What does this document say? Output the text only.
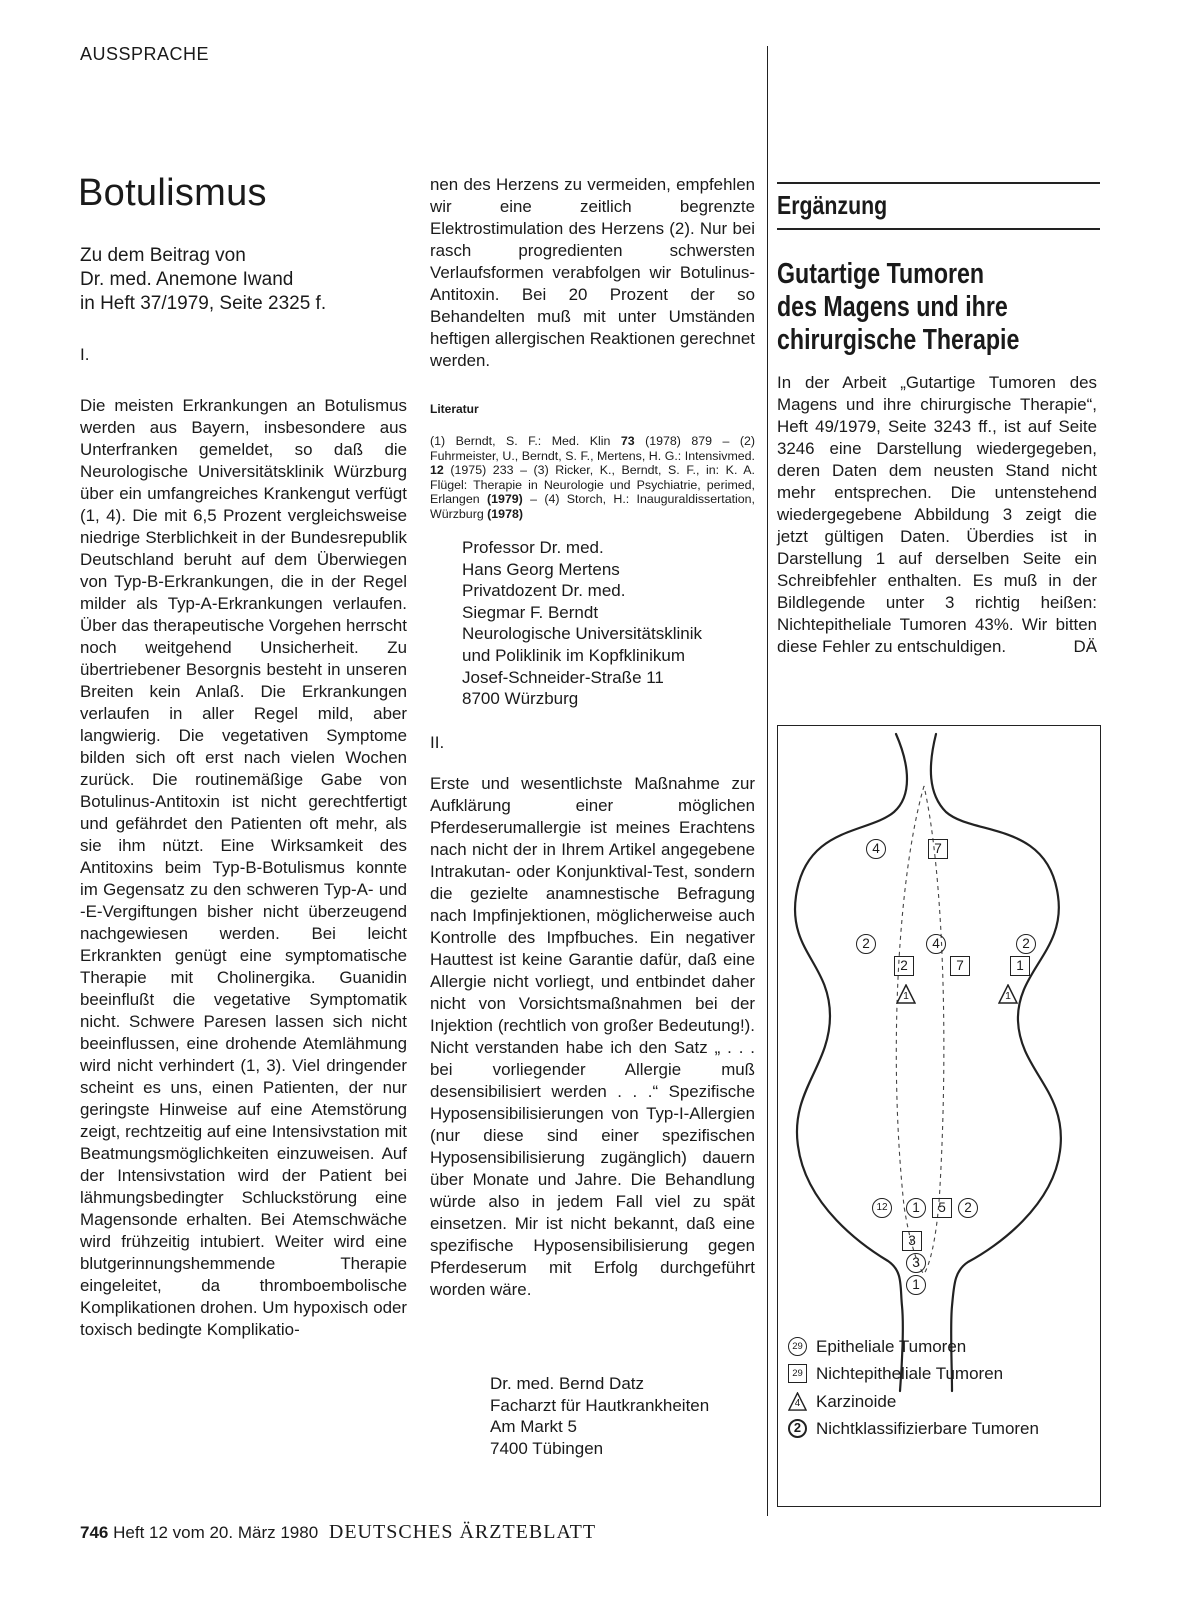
AUSSPRACHE
Botulismus
Zu dem Beitrag von
Dr. med. Anemone Iwand
in Heft 37/1979, Seite 2325 f.
I.

Die meisten Erkrankungen an Botulismus werden aus Bayern, insbesondere aus Unterfranken gemeldet, so daß die Neurologische Universitätsklinik Würzburg über ein umfangreiches Krankengut verfügt (1, 4). Die mit 6,5 Prozent vergleichsweise niedrige Sterblichkeit in der Bundesrepublik Deutschland beruht auf dem Überwiegen von Typ-B-Erkrankungen, die in der Regel milder als Typ-A-Erkrankungen verlaufen. Über das therapeutische Vorgehen herrscht noch weitgehend Unsicherheit. Zu übertriebener Besorgnis besteht in unseren Breiten kein Anlaß. Die Erkrankungen verlaufen in aller Regel mild, aber langwierig. Die vegetativen Symptome bilden sich oft erst nach vielen Wochen zurück. Die routinemäßige Gabe von Botulinus-Antitoxin ist nicht gerechtfertigt und gefährdet den Patienten oft mehr, als sie ihm nützt. Eine Wirksamkeit des Antitoxins beim Typ-B-Botulismus konnte im Gegensatz zu den schweren Typ-A- und -E-Vergiftungen bisher nicht überzeugend nachgewiesen werden. Bei leicht Erkrankten genügt eine symptomatische Therapie mit Cholinergika. Guanidin beeinflußt die vegetative Symptomatik nicht. Schwere Paresen lassen sich nicht beeinflussen, eine drohende Atemlähmung wird nicht verhindert (1, 3). Viel dringender scheint es uns, einen Patienten, der nur geringste Hinweise auf eine Atemstörung zeigt, rechtzeitig auf eine Intensivstation mit Beatmungsmöglichkeiten einzuweisen. Auf der Intensivstation wird der Patient bei lähmungsbedingter Schluckstörung eine Magensonde erhalten. Bei Atemschwäche wird frühzeitig intubiert. Weiter wird eine blutgerinnungshemmende Therapie eingeleitet, da thromboembolische Komplikationen drohen. Um hypoxisch oder toxisch bedingte Komplikatio-

nen des Herzens zu vermeiden, empfehlen wir eine zeitlich begrenzte Elektrostimulation des Herzens (2). Nur bei rasch progredienten schwersten Verlaufsformen verabfolgen wir Botulinus-Antitoxin. Bei 20 Prozent der so Behandelten muß mit unter Umständen heftigen allergischen Reaktionen gerechnet werden.

Literatur
(1) Berndt, S. F.: Med. Klin 73 (1978) 879 – (2) Fuhrmeister, U., Berndt, S. F., Mertens, H. G.: Intensivmed. 12 (1975) 233 – (3) Ricker, K., Berndt, S. F., in: K. A. Flügel: Therapie in Neurologie und Psychiatrie, perimed, Erlangen (1979) – (4) Storch, H.: Inauguraldissertation, Würzburg (1978)
Professor Dr. med.
Hans Georg Mertens
Privatdozent Dr. med.
Siegmar F. Berndt
Neurologische Universitätsklinik
und Poliklinik im Kopfklinikum
Josef-Schneider-Straße 11
8700 Würzburg
II.

Erste und wesentlichste Maßnahme zur Aufklärung einer möglichen Pferdeserumallergie ist meines Erachtens nach nicht der in Ihrem Artikel angegebene Intrakutan- oder Konjunktival-Test, sondern die gezielte anamnestische Befragung nach Impfinjektionen, möglicherweise auch Kontrolle des Impfbuches. Ein negativer Hauttest ist keine Garantie dafür, daß eine Allergie nicht vorliegt, und entbindet daher nicht von Vorsichtsmaßnahmen bei der Injektion (rechtlich von großer Bedeutung!). Nicht verstanden habe ich den Satz „ . . . bei vorliegender Allergie muß desensibilisiert werden . . .“ Spezifische Hyposensibilisierungen von Typ-I-Allergien (nur diese sind einer spezifischen Hyposensibilisierung zugänglich) dauern über Monate und Jahre. Die Behandlung würde also in jedem Fall viel zu spät einsetzen. Mir ist nicht bekannt, daß eine spezifische Hyposensibilisierung gegen Pferdeserum mit Erfolg durchgeführt worden wäre.

Dr. med. Bernd Datz
Facharzt für Hautkrankheiten
Am Markt 5
7400 Tübingen
Ergänzung
Gutartige Tumoren
des Magens und ihre
chirurgische Therapie

In der Arbeit „Gutartige Tumoren des Magens und ihre chirurgische Therapie“, Heft 49/1979, Seite 3243 ff., ist auf Seite 3246 eine Darstellung wiedergegeben, deren Daten dem neusten Stand nicht mehr entsprechen. Die untenstehend wiedergegebene Abbildung 3 zeigt die jetzt gültigen Daten. Überdies ist in Darstellung 1 auf derselben Seite ein Schreibfehler enthalten. Es muß in der Bildlegende unter 3 richtig heißen: Nichtepitheliale Tumoren 43%. Wir bitten diese Fehler zu entschuldigen.	DÄ

4	7
2	4
2	7
2
1
1	1
12 1 5 2
3
3
1
29 Epitheliale Tumoren
29 Nichtepitheliale Tumoren
4 Karzinoide
2 Nichtklassifizierbare Tumoren
746 Heft 12 vom 20. März 1980 DEUTSCHES ÄRZTEBLATT
